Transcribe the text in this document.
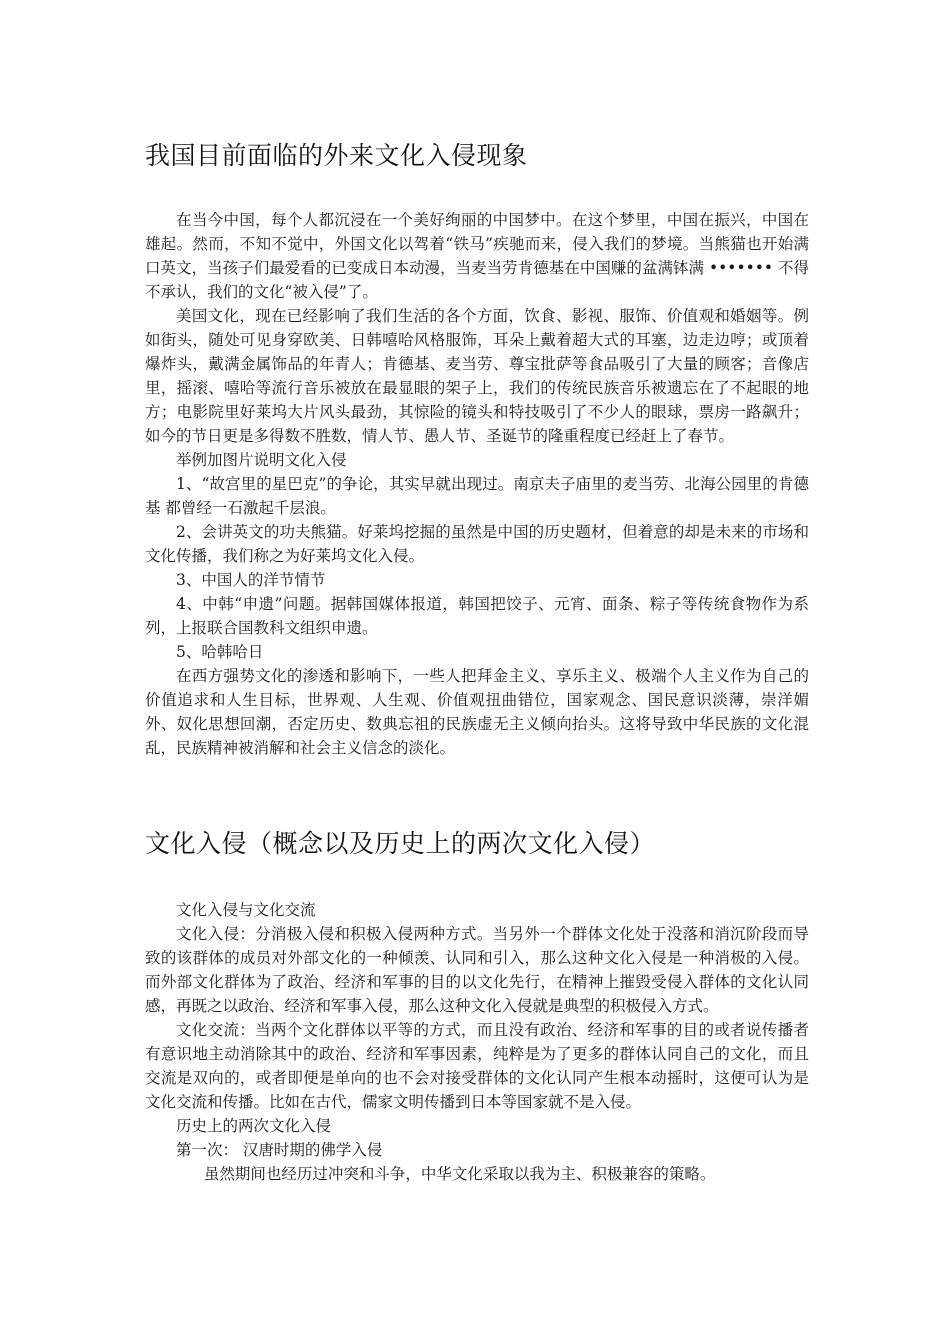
我国目前面临的外来文化入侵现象

在当今中国，每个人都沉浸在一个美好绚丽的中国梦中。在这个梦里，中国在振兴，中国在雄起。然而，不知不觉中，外国文化以驾着“铁马”疾驰而来，侵入我们的梦境。当熊猫也开始满口英文，当孩子们最爱看的已变成日本动漫，当麦当劳肯德基在中国赚的盆满钵满 ••••••• 不得不承认，我们的文化“被入侵”了。

美国文化，现在已经影响了我们生活的各个方面，饮食、影视、服饰、价值观和婚姻等。例如街头，随处可见身穿欧美、日韩嘻哈风格服饰，耳朵上戴着超大式的耳塞，边走边哼；或顶着爆炸头，戴满金属饰品的年青人；肯德基、麦当劳、尊宝批萨等食品吸引了大量的顾客；音像店里，摇滚、嘻哈等流行音乐被放在最显眼的架子上，我们的传统民族音乐被遗忘在了不起眼的地方；电影院里好莱坞大片风头最劲，其惊险的镜头和特技吸引了不少人的眼球，票房一路飙升；如今的节日更是多得数不胜数，情人节、愚人节、圣诞节的隆重程度已经赶上了春节。

举例加图片说明文化入侵

1、“故宫里的星巴克”的争论，其实早就出现过。南京夫子庙里的麦当劳、北海公园里的肯德基 都曾经一石激起千层浪。

2、会讲英文的功夫熊猫。好莱坞挖掘的虽然是中国的历史题材，但着意的却是未来的市场和文化传播，我们称之为好莱坞文化入侵。

3、中国人的洋节情节

4、中韩“申遗”问题。据韩国媒体报道，韩国把饺子、元宵、面条、粽子等传统食物作为系列，上报联合国教科文组织申遗。

5、哈韩哈日

在西方强势文化的渗透和影响下，一些人把拜金主义、享乐主义、极端个人主义作为自己的价值追求和人生目标，世界观、人生观、价值观扭曲错位，国家观念、国民意识淡薄，崇洋媚外、奴化思想回潮，否定历史、数典忘祖的民族虚无主义倾向抬头。这将导致中华民族的文化混乱，民族精神被消解和社会主义信念的淡化。

文化入侵（概念以及历史上的两次文化入侵）

文化入侵与文化交流

文化入侵：分消极入侵和积极入侵两种方式。当另外一个群体文化处于没落和消沉阶段而导致的该群体的成员对外部文化的一种倾羡、认同和引入，那么这种文化入侵是一种消极的入侵。而外部文化群体为了政治、经济和军事的目的以文化先行，在精神上摧毁受侵入群体的文化认同感，再既之以政治、经济和军事入侵，那么这种文化入侵就是典型的积极侵入方式。

文化交流：当两个文化群体以平等的方式，而且没有政治、经济和军事的目的或者说传播者有意识地主动消除其中的政治、经济和军事因素，纯粹是为了更多的群体认同自己的文化，而且交流是双向的，或者即便是单向的也不会对接受群体的文化认同产生根本动摇时，这便可认为是文化交流和传播。比如在古代，儒家文明传播到日本等国家就不是入侵。

历史上的两次文化入侵

第一次： 汉唐时期的佛学入侵

虽然期间也经历过冲突和斗争，中华文化采取以我为主、积极兼容的策略。
